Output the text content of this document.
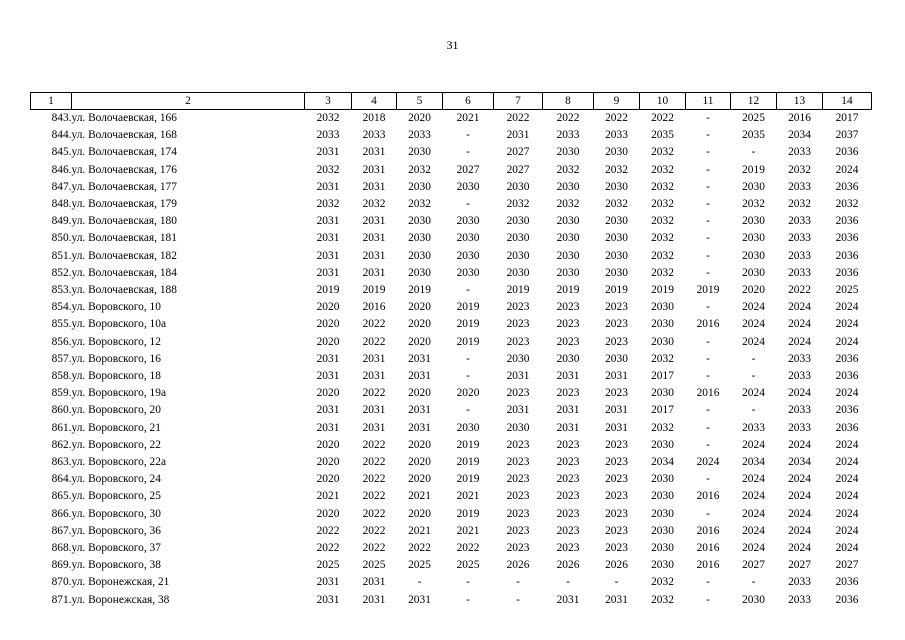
31
1	2	3	4	5	6	7	8	9	10	11	12	13	14
843.	ул. Волочаевская, 166	2032	2018	2020	2021	2022	2022	2022	2022	-	2025	2016	2017
844.	ул. Волочаевская, 168	2033	2033	2033	-	2031	2033	2033	2035	-	2035	2034	2037
845.	ул. Волочаевская, 174	2031	2031	2030	-	2027	2030	2030	2032	-	-	2033	2036
846.	ул. Волочаевская, 176	2032	2031	2032	2027	2027	2032	2032	2032	-	2019	2032	2024
847.	ул. Волочаевская, 177	2031	2031	2030	2030	2030	2030	2030	2032	-	2030	2033	2036
848.	ул. Волочаевская, 179	2032	2032	2032	-	2032	2032	2032	2032	-	2032	2032	2032
849.	ул. Волочаевская, 180	2031	2031	2030	2030	2030	2030	2030	2032	-	2030	2033	2036
850.	ул. Волочаевская, 181	2031	2031	2030	2030	2030	2030	2030	2032	-	2030	2033	2036
851.	ул. Волочаевская, 182	2031	2031	2030	2030	2030	2030	2030	2032	-	2030	2033	2036
852.	ул. Волочаевская, 184	2031	2031	2030	2030	2030	2030	2030	2032	-	2030	2033	2036
853.	ул. Волочаевская, 188	2019	2019	2019	-	2019	2019	2019	2019	2019	2020	2022	2025
854.	ул. Воровского, 10	2020	2016	2020	2019	2023	2023	2023	2030	-	2024	2024	2024
855.	ул. Воровского, 10а	2020	2022	2020	2019	2023	2023	2023	2030	2016	2024	2024	2024
856.	ул. Воровского, 12	2020	2022	2020	2019	2023	2023	2023	2030	-	2024	2024	2024
857.	ул. Воровского, 16	2031	2031	2031	-	2030	2030	2030	2032	-	-	2033	2036
858.	ул. Воровского, 18	2031	2031	2031	-	2031	2031	2031	2017	-	-	2033	2036
859.	ул. Воровского, 19а	2020	2022	2020	2020	2023	2023	2023	2030	2016	2024	2024	2024
860.	ул. Воровского, 20	2031	2031	2031	-	2031	2031	2031	2017	-	-	2033	2036
861.	ул. Воровского, 21	2031	2031	2031	2030	2030	2031	2031	2032	-	2033	2033	2036
862.	ул. Воровского, 22	2020	2022	2020	2019	2023	2023	2023	2030	-	2024	2024	2024
863.	ул. Воровского, 22а	2020	2022	2020	2019	2023	2023	2023	2034	2024	2034	2034	2024
864.	ул. Воровского, 24	2020	2022	2020	2019	2023	2023	2023	2030	-	2024	2024	2024
865.	ул. Воровского, 25	2021	2022	2021	2021	2023	2023	2023	2030	2016	2024	2024	2024
866.	ул. Воровского, 30	2020	2022	2020	2019	2023	2023	2023	2030	-	2024	2024	2024
867.	ул. Воровского, 36	2022	2022	2021	2021	2023	2023	2023	2030	2016	2024	2024	2024
868.	ул. Воровского, 37	2022	2022	2022	2022	2023	2023	2023	2030	2016	2024	2024	2024
869.	ул. Воровского, 38	2025	2025	2025	2025	2026	2026	2026	2030	2016	2027	2027	2027
870.	ул. Воронежская, 21	2031	2031	-	-	-	-	-	2032	-	-	2033	2036
871.	ул. Воронежская, 38	2031	2031	2031	-	-	2031	2031	2032	-	2030	2033	2036
